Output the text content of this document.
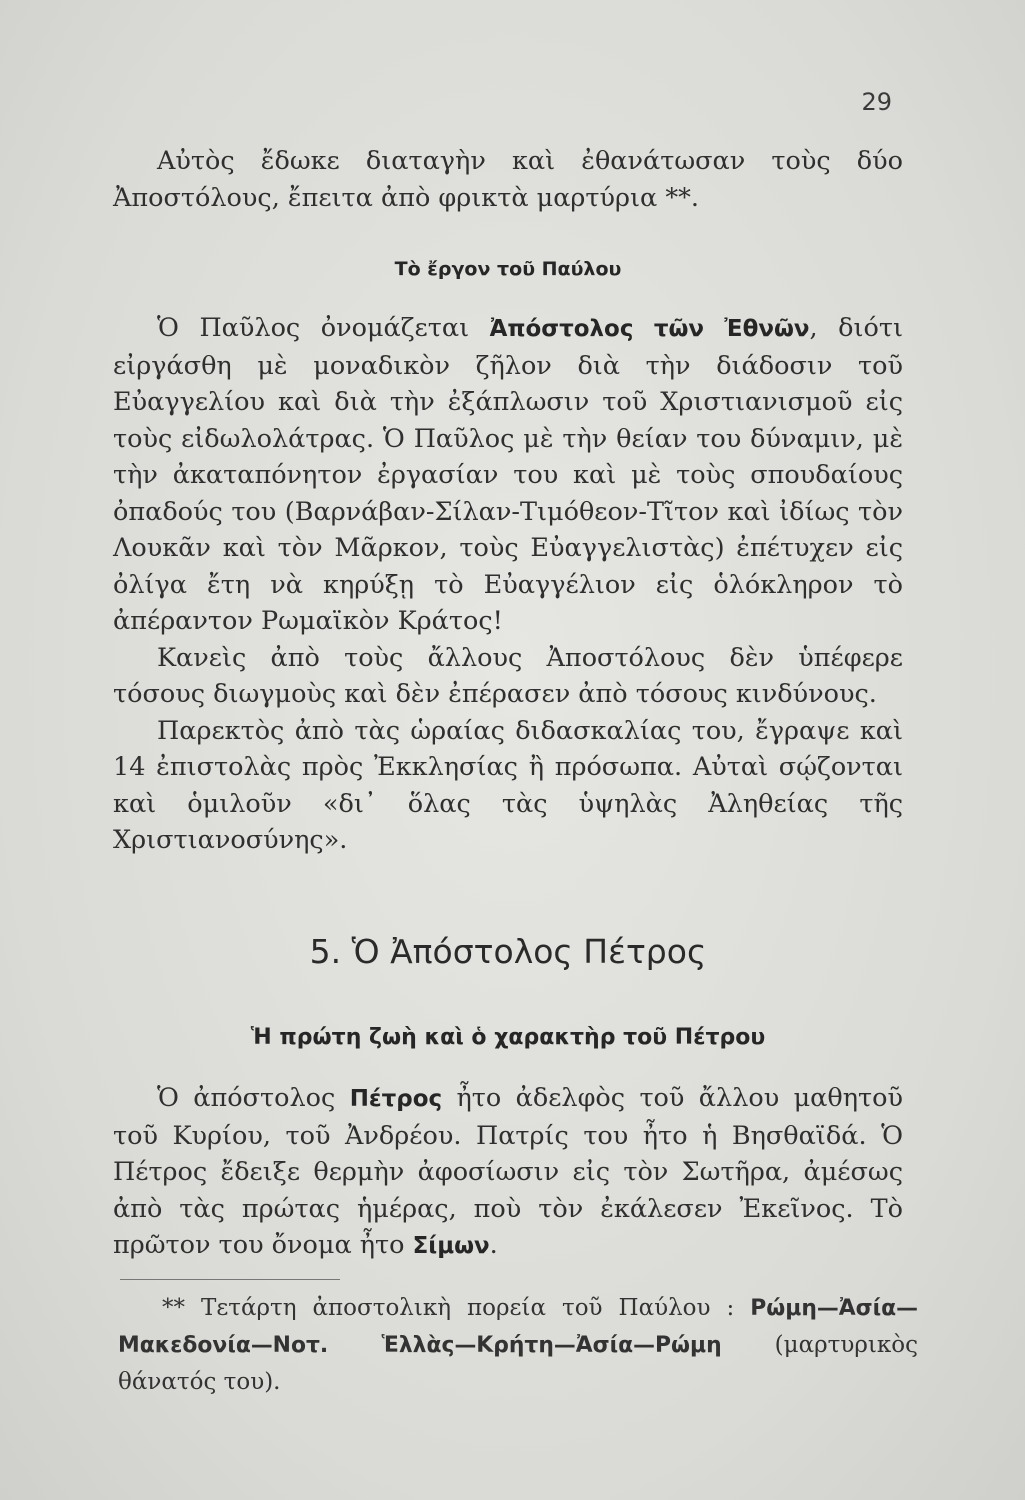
29

Αὐτὸς ἔδωκε διαταγὴν καὶ ἐθανάτωσαν τοὺς δύο Ἀποστόλους, ἔπειτα ἀπὸ φρικτὰ μαρτύρια **.

Τὸ ἔργον τοῦ Παύλου

Ὁ Παῦλος ὀνομάζεται Ἀπόστολος τῶν Ἐθνῶν, διότι εἰργάσθη μὲ μοναδικὸν ζῆλον διὰ τὴν διάδοσιν τοῦ Εὐαγγελίου καὶ διὰ τὴν ἐξάπλωσιν τοῦ Χριστιανισμοῦ εἰς τοὺς εἰδωλολάτρας. Ὁ Παῦλος μὲ τὴν θείαν του δύναμιν, μὲ τὴν ἀκαταπόνητον ἐργασίαν του καὶ μὲ τοὺς σπουδαίους ὀπαδούς του (Βαρνάβαν-Σίλαν-Τιμόθεον-Τῖτον καὶ ἰδίως τὸν Λουκᾶν καὶ τὸν Μᾶρκον, τοὺς Εὐαγγελιστὰς) ἐπέτυχεν εἰς ὀλίγα ἔτη νὰ κηρύξῃ τὸ Εὐαγγέλιον εἰς ὁλόκληρον τὸ ἀπέραντον Ρωμαϊκὸν Κράτος!

Κανεὶς ἀπὸ τοὺς ἄλλους Ἀποστόλους δὲν ὑπέφερε τόσους διωγμοὺς καὶ δὲν ἐπέρασεν ἀπὸ τόσους κινδύνους.

Παρεκτὸς ἀπὸ τὰς ὡραίας διδασκαλίας του, ἔγραψε καὶ 14 ἐπιστολὰς πρὸς Ἐκκλησίας ἢ πρόσωπα. Αὐταὶ σῴζονται καὶ ὁμιλοῦν «δι᾿ ὅλας τὰς ὑψηλὰς Ἀληθείας τῆς Χριστιανοσύνης».

5. Ὁ Ἀπόστολος Πέτρος
Ἡ πρώτη ζωὴ καὶ ὁ χαρακτὴρ τοῦ Πέτρου

Ὁ ἀπόστολος Πέτρος ἦτο ἀδελφὸς τοῦ ἄλλου μαθητοῦ τοῦ Κυρίου, τοῦ Ἀνδρέου. Πατρίς του ἦτο ἡ Βησθαϊδά. Ὁ Πέτρος ἔδειξε θερμὴν ἀφοσίωσιν εἰς τὸν Σωτῆρα, ἀμέσως ἀπὸ τὰς πρώτας ἡμέρας, ποὺ τὸν ἐκάλεσεν Ἐκεῖνος. Τὸ πρῶτον του ὄνομα ἦτο Σίμων.

** Τετάρτη ἀποστολικὴ πορεία τοῦ Παύλου : Ρώμη—Ἀσία—Μακεδονία—Νοτ. Ἑλλὰς—Κρήτη—Ἀσία—Ρώμη (μαρτυρικὸς θάνατός του).
